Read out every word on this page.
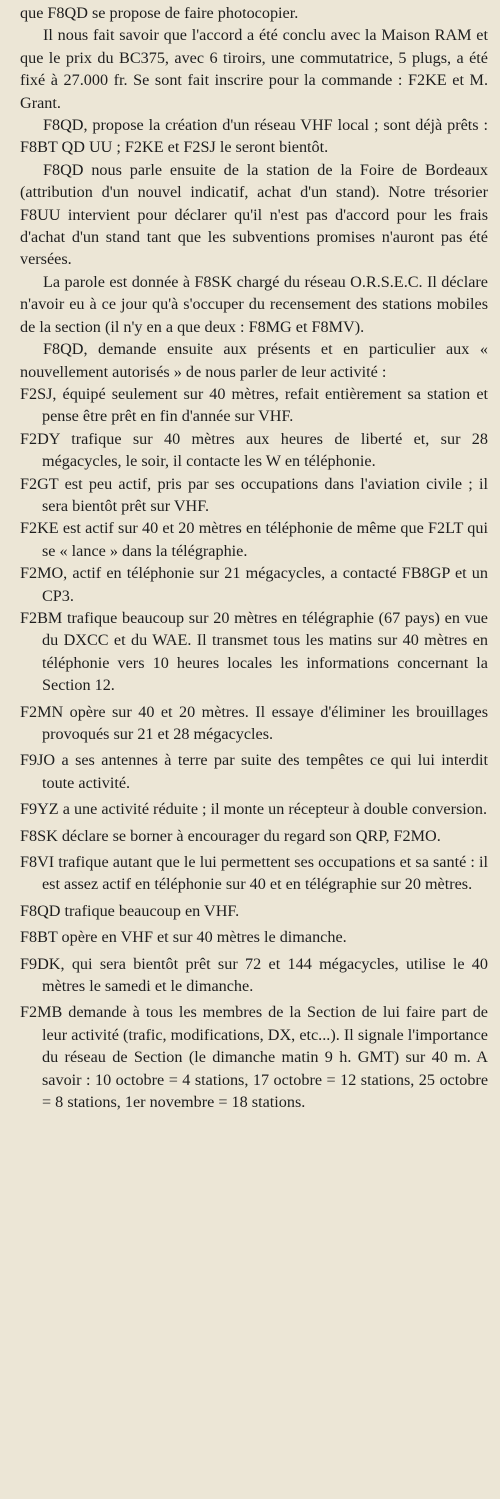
que F8QD se propose de faire photocopier.

Il nous fait savoir que l'accord a été conclu avec la Maison RAM et que le prix du BC375, avec 6 tiroirs, une commutatrice, 5 plugs, a été fixé à 27.000 fr. Se sont fait inscrire pour la commande : F2KE et M. Grant.

F8QD, propose la création d'un réseau VHF local ; sont déjà prêts : F8BT QD UU ; F2KE et F2SJ le seront bientôt.

F8QD nous parle ensuite de la station de la Foire de Bordeaux (attribution d'un nouvel indicatif, achat d'un stand). Notre trésorier F8UU intervient pour déclarer qu'il n'est pas d'accord pour les frais d'achat d'un stand tant que les subventions promises n'auront pas été versées.

La parole est donnée à F8SK chargé du réseau O.R.S.E.C. Il déclare n'avoir eu à ce jour qu'à s'occuper du recensement des stations mobiles de la section (il n'y en a que deux : F8MG et F8MV).

F8QD, demande ensuite aux présents et en particulier aux « nouvellement autorisés » de nous parler de leur activité :

F2SJ, équipé seulement sur 40 mètres, refait entièrement sa station et pense être prêt en fin d'année sur VHF.

F2DY trafique sur 40 mètres aux heures de liberté et, sur 28 mégacycles, le soir, il contacte les W en téléphonie.

F2GT est peu actif, pris par ses occupations dans l'aviation civile ; il sera bientôt prêt sur VHF.

F2KE est actif sur 40 et 20 mètres en téléphonie de même que F2LT qui se « lance » dans la télégraphie.

F2MO, actif en téléphonie sur 21 mégacycles, a contacté FB8GP et un CP3.

F2BM trafique beaucoup sur 20 mètres en télégraphie (67 pays) en vue du DXCC et du WAE. Il transmet tous les matins sur 40 mètres en téléphonie vers 10 heures locales les informations concernant la Section 12.

F2MN opère sur 40 et 20 mètres. Il essaye d'éliminer les brouillages provoqués sur 21 et 28 mégacycles.

F9JO a ses antennes à terre par suite des tempêtes ce qui lui interdit toute activité.

F9YZ a une activité réduite ; il monte un récepteur à double conversion.

F8SK déclare se borner à encourager du regard son QRP, F2MO.

F8VI trafique autant que le lui permettent ses occupations et sa santé : il est assez actif en téléphonie sur 40 et en télégraphie sur 20 mètres.

F8QD trafique beaucoup en VHF.

F8BT opère en VHF et sur 40 mètres le dimanche.

F9DK, qui sera bientôt prêt sur 72 et 144 mégacycles, utilise le 40 mètres le samedi et le dimanche.

F2MB demande à tous les membres de la Section de lui faire part de leur activité (trafic, modifications, DX, etc...). Il signale l'importance du réseau de Section (le dimanche matin 9 h. GMT) sur 40 m. A savoir : 10 octobre = 4 stations, 17 octobre = 12 stations, 25 octobre = 8 stations, 1er novembre = 18 stations.
